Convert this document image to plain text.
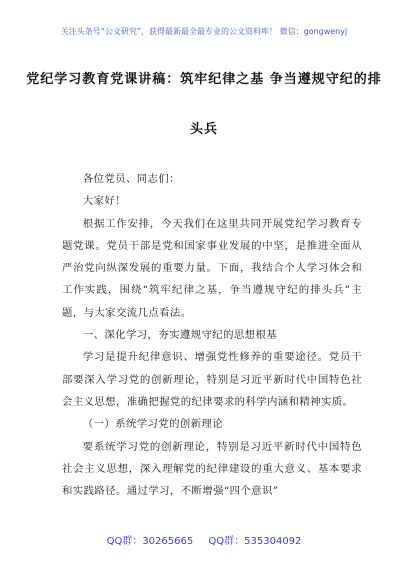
关注头条号“公文研究”，获得最新最全最专业的公文资料库！ 微信：gongwenyj
党纪学习教育党课讲稿：筑牢纪律之基 争当遵规守纪的排
头兵

各位党员、同志们：

大家好！

根据工作安排，今天我们在这里共同开展党纪学习教育专题党课。党员干部是党和国家事业发展的中坚，是推进全面从严治党向纵深发展的重要力量。下面，我结合个人学习体会和工作实践，围绕“筑牢纪律之基，争当遵规守纪的排头兵”主题，与大家交流几点看法。

一、深化学习，夯实遵规守纪的思想根基

学习是提升纪律意识、增强党性修养的重要途径。党员干部要深入学习党的创新理论，特别是习近平新时代中国特色社会主义思想，准确把握党的纪律要求的科学内涵和精神实质。

（一）系统学习党的创新理论

要系统学习党的创新理论，特别是习近平新时代中国特色社会主义思想，深入理解党的纪律建设的重大意义、基本要求和实践路径。通过学习，不断增强“四个意识”

QQ群：30265665 QQ群：535304092
